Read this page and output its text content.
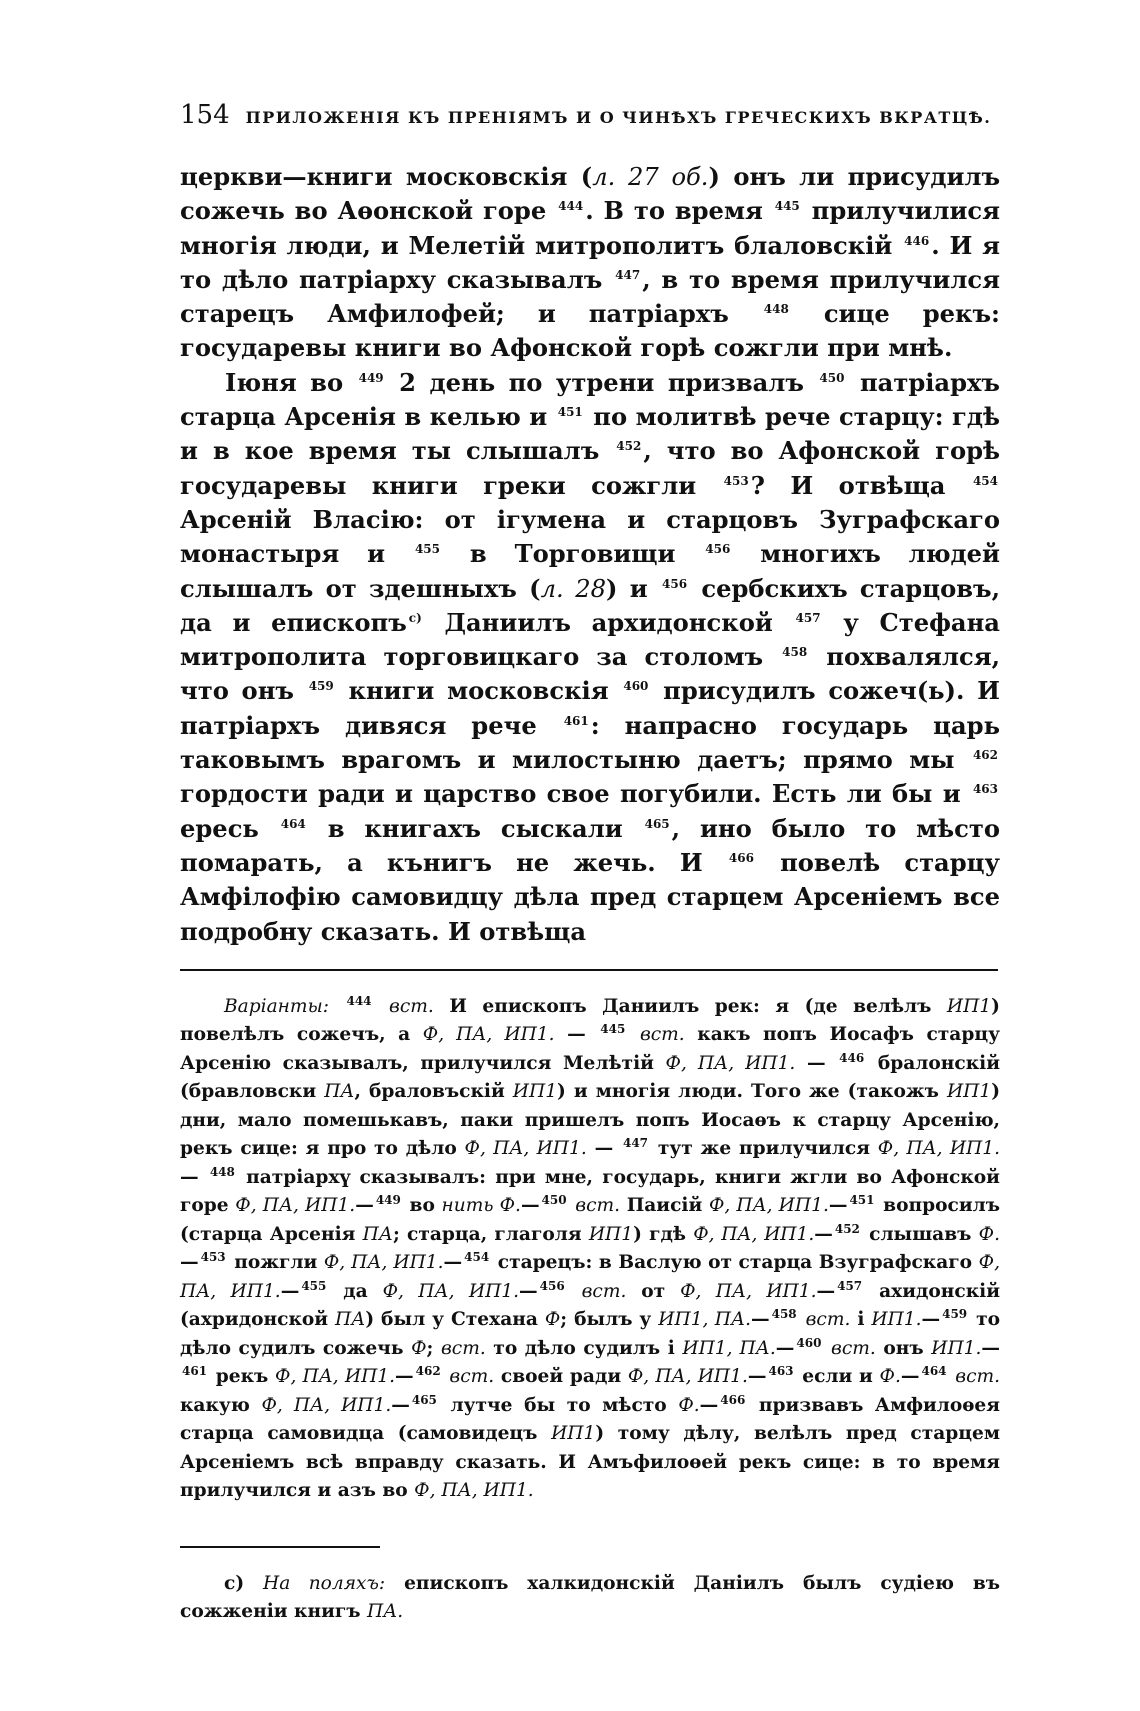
154 ПРИЛОЖЕНІЯ КЪ ПРЕНІЯМЪ И О ЧИНѢХЪ ГРЕЧЕСКИХЪ ВКРАТЦѢ.

церкви—книги московскія (л. 27 об.) онъ ли присудилъ сожечь во Аѳонской горе $^{444}$. В то время $^{445}$ прилучилися многія люди, и Мелетій митрополитъ блаловскій $^{446}$. И я то дѣло патріарху сказывалъ $^{447}$, в то время прилучился старецъ Амфилофей; и патріархъ $^{448}$ сице рекъ: государевы книги во Афонской горѣ сожгли при мнѣ.

Іюня во $^{449}$ 2 день по утрени призвалъ $^{450}$ патріархъ старца Арсенія в келью и $^{451}$ по молитвѣ рече старцу: гдѣ и в кое время ты слышалъ $^{452}$, что во Афонской горѣ государевы книги греки сожгли $^{453}$? И отвѣща $^{454}$ Арсеній Власію: от ігумена и старцовъ Зуграфскаго монастыря и $^{455}$ в Торговищи $^{456}$ многихъ людей слышалъ от здешныхъ (л. 28) и $^{456}$ сербскихъ старцовъ, да и епископъ $^{c)}$ Даниилъ архидонской $^{457}$ у Стефана митрополита торговицкаго за столомъ $^{458}$ похвалялся, что онъ $^{459}$ книги московскія $^{460}$ присудилъ сожеч(ь). И патріархъ дивяся рече $^{461}$: напрасно государь царь таковымъ врагомъ и милостыню даетъ; прямо мы $^{462}$ гордости ради и царство свое погубили. Есть ли бы и $^{463}$ ересь $^{464}$ в книгахъ сыскали $^{465}$, ино было то мѣсто помарать, а кънигъ не жечь. И $^{466}$ повелѣ старцу Амфілофію самовидцу дѣла пред старцем Арсеніемъ все подробну сказать. И отвѣща

Варіанты: $^{444}$ вст. И епископъ Даниилъ рек: я (де велѣлъ ИП1) повелѣлъ сожечъ, а Ф, ПА, ИП1. — $^{445}$ вст. какъ попъ Иосафъ старцу Арсенію сказывалъ, прилучился Мелѣтій Ф, ПА, ИП1. — $^{446}$ бралонскій (бравловски ПА, браловъскій ИП1) и многія люди. Того же (такожъ ИП1) дни, мало помешькавъ, паки пришелъ попъ Иосаѳъ к старцу Арсенію, рекъ сице: я про то дѣло Ф, ПА, ИП1. — $^{447}$ тут же прилучился Ф, ПА, ИП1. — $^{448}$ патріархү сказывалъ: при мне, государь, книги жгли во Афонской горе Ф, ПА, ИП1.— $^{449}$ во нить Ф.— $^{450}$ вст. Паисій Ф, ПА, ИП1.— $^{451}$ вопросилъ (старца Арсенія ПА; старца, глаголя ИП1) гдѣ Ф, ПА, ИП1.— $^{452}$ слышавъ Ф.— $^{453}$ пожгли Ф, ПА, ИП1.— $^{454}$ старецъ: в Васлую от старца Взуграфскаго Ф, ПА, ИП1.— $^{455}$ да Ф, ПА, ИП1.— $^{456}$ вст. от Ф, ПА, ИП1.— $^{457}$ ахидонскій (ахридонской ПА) был у Стехана Ф; былъ у ИП1, ПА.— $^{458}$ вст. і ИП1.— $^{459}$ то дѣло судилъ сожечь Ф; вст. то дѣло судилъ і ИП1, ПА.— $^{460}$ вст. онъ ИП1.—$^{461}$ рекъ Ф, ПА, ИП1.— $^{462}$ вст. своей ради Ф, ПА, ИП1.— $^{463}$ если и Ф.— $^{464}$ вст. какую Ф, ПА, ИП1.— $^{465}$ лутче бы то мѣсто Ф.— $^{466}$ призвавъ Амфилоѳея старца самовидца (самовидецъ ИП1) тому дѣлу, велѣлъ пред старцем Арсеніемъ всѣ вправду сказать. И Амъфилоѳей рекъ сице: в то время прилучился и азъ во Ф, ПА, ИП1.
c) На поляхъ: епископъ халкидонскій Даніилъ былъ судіею въ сожженіи книгъ ПА.
